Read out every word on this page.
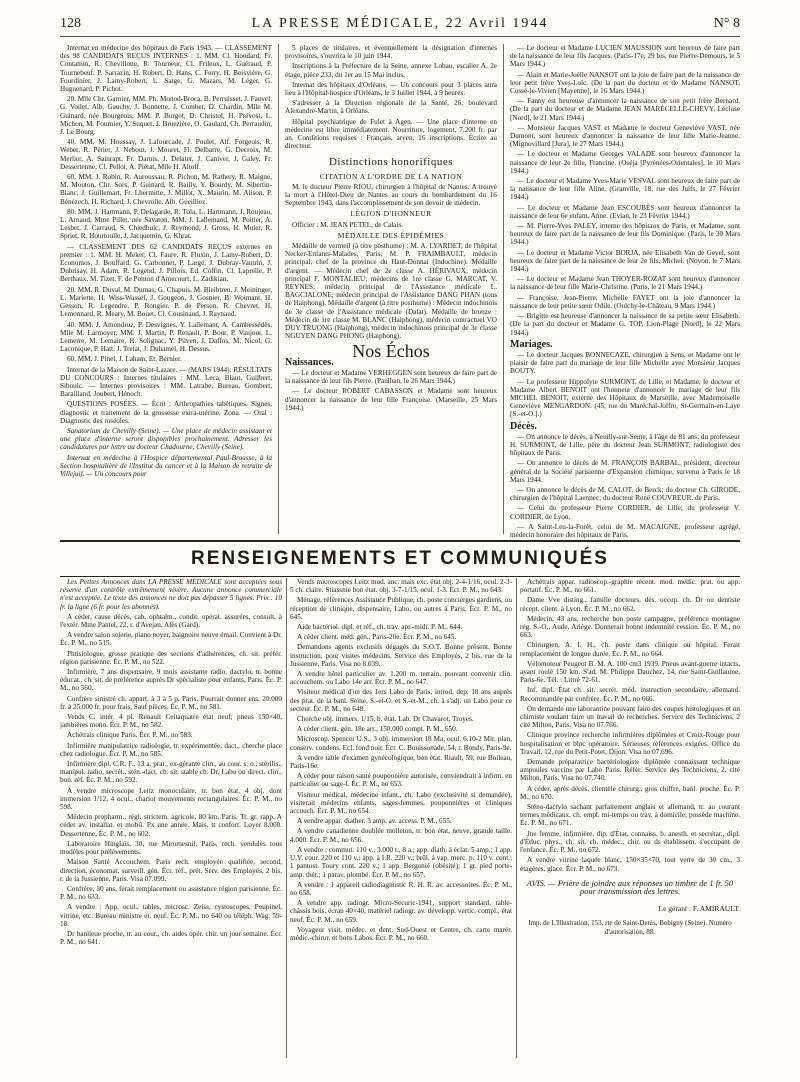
128	LA PRESSE MÉDICALE, 22 Avril 1944	N° 8

Internat en médecine des hôpitaux de Paris 1943. — CLASSEMENT des 98 CANDIDATS REÇUS INTERNES : 1. MM. Cl. Houdard, Fr. Contamin, R. Chevillotte, R. Tourneur, Cl. Frileux, L. Guéraud, P. Tournebeuf, P. Sarrazin, H. Robert, D. Hans, C. Ferry, H. Boisvière, G. Fourdinier, J. Lamy-Robert, L. Satge, G. Mazars, M. Léger, G. Huguenard, P. Pichot.

20. Mlle Chr. Garnier, MM. Ph. Monod-Broca, B. Perruisset, J. Fauvel, G. Voilet, Alb. Gauchy, J. Bonnette, J. Combet, D. Chardin, Mlle M. Guinard, née Bourgeois, MM. P. Burgot, D. Christol, H. Prévost, L. Michon, M. Fournier, Y. Suquet, J. Bruezière, O. Gaulard, Ch. Perraudin, J. Le Bourg.

40. MM. M. Houssay, J. Lafourcade, J. Poulet, Alf. Forgeois, R. Weber, R. Périer, J. Nebout, J. Mouret, Fl. Delbarre, G. Decroix, M. Merlier, A. Sainrapt, Fr. Darnis, J. Delater, J. Caniver, J. Galey, Fr. Dessertenne, Cl. Pellot, A. Piétat, Mlle H. Altoff.

60. MM. J. Robin, R. Auroussau, R. Pichon, M. Rathery, R. Maigne, M. Mouton, Chr. Sors, P. Guinard, R. Bailly, Y. Bourdy, M. Sibertin-Blanc, J. Guillemart, Fr. Lhermitte, J. Millot, X. Maurin, M. Alison, P. Bénézech, H. Richard, J. Chevrolle, Alb. Gueilliez.

80. MM. J. Hartmann, P. Delagarde, R. Tola, L. Hartmann, J. Roujeau, L. Arnaud, Mme Pillet, née Savaton, MM. J. Lallemand, M. Poitier, A. Lesbet, J. Carraud, S. Chiedbulc, J. Reymond, J. Gross, H. Muler, R. Spriet, R. Hourtoulle, J. Jacquemin, G. Khrat.

— CLASSEMENT DES 62 CANDIDATS REÇUS externes en premier : 1. MM. H. Meker, Cl. Faure, R. Fluxin, J. Lamy-Robert, D. Economos, J. Bouffard, G. Carbonnet, P. Largé, J. Dubray-Vautrin, J. Dubrisay, H. Adam, R. Legend, J. Pillois, Ed. Coffin, Cl. Laprelle, P. Berthaux, M. Tizet, F. de Ponton d'Amecourt, L. Zadikian.

20. MM. R. Duval, M. Dumas, G. Chapuis, M. Bleibtreu, J. Meininger, L. Mariette, H. Wiss-Wassef, J. Gougeon, J. Gosnier, B. Woimant, H. Gesson, R. Legendre, P. Rongier, P. de Person, R. Chevret, H. Lemonnard, R. Meary, M. Bouet, Cl. Cousinaud, J. Raynaud.

40. MM. J. Amondruz, P. Desvignes, Y. Lallemant, A. Cambessédès, Mlle M. Larmoyer, MM. J. Martin, P. Renault, P. Bour, P. Vaujour, L. Lemerre, M. Lemaire, H. Solignac, Y. Pilven, J. Daffos, M. Nicol, G. Laconique, P. Hatt, J. Tretat, J. Duhamel, H. Dessus.

60. MM. J. Pinel, J. Laham, Et. Bernier.

Internat de la Maison de Saint-Lazare. — (MARS 1944). RÉSULTATS DU CONCOURS : Internes titulaires : MM. Leca, Blaut, Guilbert, Siboulc. — Internes provisoires : MM. Latrabe, Bureau, Gombert, Barailland, Joubert, Hénoch.

QUESTIONS POSÉES. — Écrit : Arthropathies tabétiques. Signes, diagnostic et traitement de la grossesse extra-utérine. Zona. — Oral : Diagnostic des roséoles.

Sanatorium de Chevilly (Seine). — Une place de médecin assistant et une place d'interne seront disponibles prochainement. Adresser les candidatures par lettre au docteur Chadourne, Chevilly (Seine).

Internat en médecine à l'Hospice départemental Paul-Brousse, à la Section hospitalière de l'Institut du cancer et à la Maison de retraite de Villejuif. — Un concours pour

5 places de titulaires, et éventuellement la désignation d'internes provisoires, s'ouvrira le 10 juin 1944.

Inscriptions à la Préfecture de la Seine, annexe Lobau, escalier A, 2e étage, pièce 233, du 1er au 15 Mai inclus.

Internat des hôpitaux d'Orléans. — Un concours pour 3 places aura lieu à l'Hôpital-hospice d'Orléans, le 3 Juillet 1944, à 9 heures.

S'adresser à la Direction régionale de la Santé, 26, boulevard Alexandre-Martin, à Orléans.

Hôpital psychiatrique de Fulet à Agen. — Une place d'interne en médecine est libre immédiatement. Nourriture, logement, 7.200 fr. par an. Conditions requises : Français, aryen, 16 inscriptions. Écrire au directeur.

Distinctions honorifiques
CITATION A L'ORDRE DE LA NATION

M. le docteur Pierre RIOU, chirurgien à l'hôpital de Nantes. A trouvé la mort à l'Hôtel-Dieu de Nantes au cours du bombardement du 16 Septembre 1943, dans l'accomplissement de son devoir de médecin.

LÉGION D'HONNEUR

Officier : M. JEAN PETEL, de Calais.

MÉDAILLE DES ÉPIDÉMIES

Médaille de vermeil (à titre posthume) : M. A. LYARDET, de l'hôpital Necker-Enfants-Malades, Paris; M. P. FRAIMBAULT, médecin principal, chef de la province du Haut-Donnai (Indochine). Médaille d'argent. — Médecin chef de 2e classe A. HÉRIVAUX, médecin principal F. MONTALIEU; médecins de 1re classe G. MARCAT, V. REYNES; médecin principal de l'Assistance médicale L. BAGCIALONE; médecin principal de l'Assistance DANG PHAN (tous de Haiphong). Médaille d'argent (à titre posthume) : Médecin indochinois de 3e classe de l'Assistance médicale (Dalat). Médaille de bronze : Médecin de 1re classe M. BLANC (Haiphong), médecin contractuel VO DUY TRUONG (Haiphong), médecin indochinois principal de 3e classe NGUYEN DANG PHONG (Haiphong).

Nos Échos
Naissances.

— Le docteur et Madame VERHEGGEN sont heureux de faire part de la naissance de leur fils Pierre. (Paulhan, le 26 Mars 1944.)

— Le docteur ROBERT CABASSON et Madame sont heureux d'annoncer la naissance de leur fille Françoise. (Marseille, 25 Mars 1944.)

— Le docteur et Madame LUCIEN MAUSSION sont heureux de faire part de la naissance de leur fils Jacques. (Paris-17e, 29 bis, rue Pierre-Demours, le 5 Mars 1944.)

— Alain et Marie-Joëlle NANSOT ont la joie de faire part de la naissance de leur petit frère Yves-Loïc. (De la part du docteur et de Madame NANSOT, Cossé-le-Vivien [Mayenne], le 16 Mars 1944.)

— Fanny est heureuse d'annoncer la naissance de son petit frère Bernard. (De la part du docteur et de Madame JEAN MARÉCELLE-CHEVY, Lécluse [Nord], le 21 Mars 1944.)

— Monsieur Jacques VAST et Madame le docteur Geneviève VAST, née Dumont, sont heureux d'annoncer la naissance de leur fille Marie-Jeanne. (Mignovillard [Jura], le 27 Mars 1944.)

— Le docteur et Madame Georges VALADE sont heureux d'annoncer la naissance de leur 2e fille, Francine. (Oséja [Pyrénées-Orientales], le 10 Mars 1944.)

— Le docteur et Madame Yves-Marie VESVAL sont heureux de faire part de la naissance de leur fille Aline. (Granville, 18, rue des Juifs, le 27 Février 1944.)

— Le docteur et Madame Jean ESCOUBÈS sont heureux d'annoncer la naissance de leur 6e enfant, Anne. (Evian, le 23 Février 1944.)

— M. Pierre-Yves PALEY, interne des hôpitaux de Paris, et Madame, sont heureux de faire part de la naissance de leur fils Dominique. (Paris, le 30 Mars 1944.)

— Le docteur et Madame Victor BORJA, née Elisabeth Van de Gevel, sont heureux de faire part de la naissance de leur 2e fils, Michel. (Noyon, le 7 Mars 1944.)

— Le docteur et Madame Jean THOYER-ROZAT sont heureux d'annoncer la naissance de leur fille Marie-Christine. (Paris, le 21 Mars 1944.)

— Françoise, Jean-Pierre, Michelle FAYET ont la joie d'annoncer la naissance de leur petite sœur Odile. (Oulchy-le-Château, 9 Mars 1944.)

— Brigitte est heureuse d'annoncer la naissance de sa petite sœur Elisabeth. (De la part du docteur et Madame G. TOP, Lion-Plage [Nord], le 22 Mars 1944.)

Mariages.

— Le docteur Jacques BONNECAZE, chirurgien à Sens, et Madame ont le plaisir de faire part du mariage de leur fille Michelle avec Monsieur Jacques BOUTY.

— Le professeur Hippolyte SURMONT, de Lille, et Madame, le docteur et Madame Albert BENOIT ont l'honneur d'annoncer le mariage de leur fils MICHEL BENOIT, externe des Hôpitaux de Marseille, avec Mademoiselle Geneviève MENGARDON. (45, rue du Maréchal-Joffre, St-Germain-en-Laye [S.-et-O.].)

Décès.

— On annonce le décès, à Neuilly-sur-Seine, à l'âge de 81 ans, du professeur H. SURMONT, de Lille, père du docteur Jean SURMONT, radiologiste des hôpitaux de Paris.

— On annonce le décès de M. FRANÇOIS BARBAL, président, directeur général de la Société parisienne d'Expansion chimique, survenu à Paris le 18 Mars 1944.

— On annonce le décès de M. CALOT, de Berck; du docteur Ch. GIRODE, chirurgien de l'hôpital Laennec; du docteur René COUVREUR, de Paris.

— Celui du professeur Pierre CORDIER, de Lille; du professeur V. CORDIER, de Lyon.

— A Saint-Leu-la-Forêt, celui de M. MACAIGNE, professeur agrégé, médecin honoraire des hôpitaux de Paris.

RENSEIGNEMENTS ET COMMUNIQUÉS

Les Petites Annonces dans LA PRESSE MÉDICALE sont acceptées sous réserve d'un contrôle extrêmement sévère. Aucune annonce commerciale n'est acceptée. Le texte des annonces ne doit pas dépasser 5 lignes. Prix : 10 fr. la ligne (6 fr. pour les abonnés).

A céder, cause décès, cab. ophtalm., condit. opérat. assurées, consult. à l'extér. Mme Pantel, 22, r. d'Avejan, Alès (Gard).

A vendre salon soierie, piano noyer, baignoire neuve émail. Convient à Dr. Éc. P. M., no 515.

Phtisiologue, grosse pratique des sections d'adhérences, ch. sit. préfér. région parisienne. Éc. P. M., no 522.

Infirmière, 7 ans dispensaire, 9 mois assistante radio, dactylo, tr. bonne éducat., ch. sit. de préférence auprès Dr spécialiste pour enfants, Paris. Éc. P. M., no 560.

Confrère sinistré ch. appart. à 3 à 5 p. Paris. Pourrait donner ens. 20.000 fr. à 25.000 fr. pour frais, Sauf pièces. Éc. P. M., no 581.

Vends C. intér. 4 pl. Renault Celtaquatre état neuf; pneus 150×40, jambières mono. Écr. P. M., no 582.

Achétrais clinique Paris. Écr. P. M., no 583.

Infirmière manipulatrice radiologie, tr. expérimentée, dact., cherche place chez radiologue. Écr. P. M., no 585.

Infirmière dipl. C.R. F., 13 a. prat., ex-gérante clin., au cour. s. o., stérilis., manipul. radio, secrét., stén.-dact. ch. sit. stable ch. Dr, Labo ou direct. clin., bon. réf. Éc. P. M., no 592.

A vendre microscope Leitz monoculaire, tr. bon état, 4 obj. dont immersion 1/12, 4 ocul., chariot mouvements rectangulaires. Éc. P. M., no 598.

Médecin propharm., régi. strictem. agricole, 80 km. Paris. Tr. gr. rapp. A céder av. installat. et mobil. Px une année. Mais. tt confort. Loyer 8.000. Dessertenne, Éc. P. M., no 602.

Laboratoire Hinglais, 30, rue Miromesnil, Paris, rech. vendules tous modèles pour prélèvements.

Maison Santé Accouchem. Paris rech. employée qualifiée, second, direction, économat, surveill. gén. Écr. réf., prét. Serv. des Employés, 2 bis, r. de la Jussienne, Paris. Visa 07.099.

Confrère, 30 ans, ferait remplacement ou assistance région parisienne. Éc. P. M., no 633.

A vendre : App. ocul., tables, microsc. Zeiss, cystoscopes, Poupinel, vitrine, etc. Bureau ministre et. neuf. Éc. P. M., no 640 ou téléph. Wag. 59-18.

Dr banlieue proche, tr. au cour., ch. aides opér. chir. un jour semaine. Écr. P. M., no 641.

Vends microscopes Leitz mod. anc. mais exc. état obj. 2-4-1/16, ocul. 2-3-5 ch. claire. Stiassnie bon état. obj. 3-7-1/15, ocul. 1-3. Écr. P. M., no 643.

Ménage, références Assistance Publique, ch. poste concierges gardiens, ou réception de clinique, dispensaire, Labo, ou autres à Paris. Écr. P. M., no 645.

Aide bactériol. dipl. et réf., ch. trav. apr.-midi. P. M., 644.

A céder client. méd. gén., Paris-20e. Écr. P. M., no 645.

Demandons agents exclusifs dégagés du S.O.T. Bonne présent. Bonne instruction, pour visites médecins. Service des Employés, 2 bis, rue de la Jussienne, Paris. Visa no 8.039.

A vendre hôtel particulier av. 1.200 m. terrain, pouvant convenir clin. accouchem. ou Labo 14e arr. Écr. P. M., no 647.

Visiteur médical d'un des 1ers Labo de Paris, introd. dep. 18 ans auprès des prat. de la banl. Seine, S.-et-O. et S.-et-M., ch. à s'adj. un Labo pour ce secteur. Éc. P. M., no 648.

Cherche obj. immers. 1/15, b. état. Lab. Dr Chavarot, Troyes.

A céder client. gén. 18e arr., 150.000 compt. P. M., 650.

Microscop. Spencer U.S., 3 obj. immersion 18 Ma, ocul. 6.10-2 Mir. plan, conserv. condens. Ecl. fond noir. Écr. C. Bouissonade, 54, r. Bondy, Paris-9e.

A vendre table d'examen gynécologique, bon état. Riault, 59, rue Boileau, Paris-16e.

A céder pour raison santé poupoonière autorisée, conviendrait à infirm. en particulier ou sage-f. Éc. P. M., no 653.

Visiteur médical, médecine infant., ch. Labo (exclusivité si demandée), visiterait médecins enfants, sages-femmes, pouponnières et cliniques accouch. Écr. P. M., no 654.

A vendre appar. diather. 3 amp. av. access. P. M., 655.

A vendre canadienne doublée molleton, tr. bon état, neuve, grande taille. 4.000. Écr. P. M., no 656.

A vendre : commut. 110 v., 3.000 t., 8 a.; app. diath. à éclat. 5 amp.; 1 app. U.V. cour. 220 et 110 v.; app. à I.R. 220 v.; brûl. à vap. merc. p. 110 v. cont.; 1 pantost. Toury cont. 220 v.; 1 app. Bergonié (obésité); 1 gr. pied porte-amp. thér.; 1 parav. plombé. Écr. P. M., no 657.

A vendre : 1 appareil radiodiagnostic R. H. R. av. accessoires. Éc. P. M., no 658.

A vendre app. radiogr. Micro-Securic-1941, support standard, table-châssis bois, écran 40×40, matériel radiogr. av. développ. vertic. compl., état neuf. Éc. P. M., no 659.

Voyageur visit. médec. et dent. Sud-Ouest et Centre, ch. carte marér. médic.-chirur. et bons Labos. Écr. P. M., no 660.

Achétrais appar. radioscop.-graphie récent. mod. médic. prat. ou app. portatif. Éc. P. M., no 661.

Dame Vve disting., famille docteurs, dés. occup. ch. Dr ou dentiste récept. client. à Lyon. Éc. P. M., no 662.

Médecin, 43 ans, recherche bon poste campagne, préférence montagne rég. S.-O., Aude, Ariège. Donnerait bonne indemnité cession. Éc. P. M., no 663.

Chirurgien, A. I. H., ch. poste dans clinique ou hôpital. Ferait remplacement de longue durée. Éc. P. M., no 664.

Vélomoteur Peugeot B. M. A. 100 cm3 1939. Pneus avant-guerre intacts, ayant roulé 150 km. S'ad. M. Philippe Dauchez, 14, rue Saint-Guillaume, Paris-6e. Tél. : Littré 72-61.

Inf. dipl. État ch. sit. secrét. méd. instruction secondaire, allemand. Recommandée par confrère. Éc. P. M., no 666.

On demande une laborantine pouvant faire des coupes histologiques et un chimiste voulant faire un travail de recherches. Service des Techniciens, 2 cité Milton, Paris. Visa no 07.766.

Clinique province recherche infirmières diplômées et Croix-Rouge pour hospitalisation et bloc opératoire. Sérieuses références exigées. Office du Travail, 12, rue du Petit-Potet, Dijon. Visa no 07.696.

Demande préparatrice bactériologiste diplômée connaissant technique ampoules vaccins par Labo Paris. Référ. Service des Techniciens, 2, cité Milton, Paris. Visa no 07.740.

A céder, après décès, clientèle chirurg., gros chiffre, banl. proche. Éc. P. M., no 670.

Sténo-dactylo sachant parfaitement anglais et allemand, tr. au courant termes médicaux, ch. empl. mi-temps ou trav. à domicile; possède machine. Éc. P. M., no 671.

Jne femme, infirmière, dip. d'État, connaiss. b. anesth. et secrétar., dipl. d'Éduc. phys., ch. sit. ch. médec., chir. ou ds établissem. s'occupant de l'enfance. Éc. P. M., no 672.

A vendre vitrine laquée blanc, 150×35×70, tout verre de 30 cm., 3 étagères, glace. Écr. P. M., no 673.

AVIS. — Prière de joindre aux réponses un timbre de 1 fr. 50 pour transmission des lettres.
Le gérant : F. AMIRAULT.
Imp. de L'Illustration, 153, rte de Saint-Denis, Bobigny (Seine). Numéro d'autorisation, 88.
